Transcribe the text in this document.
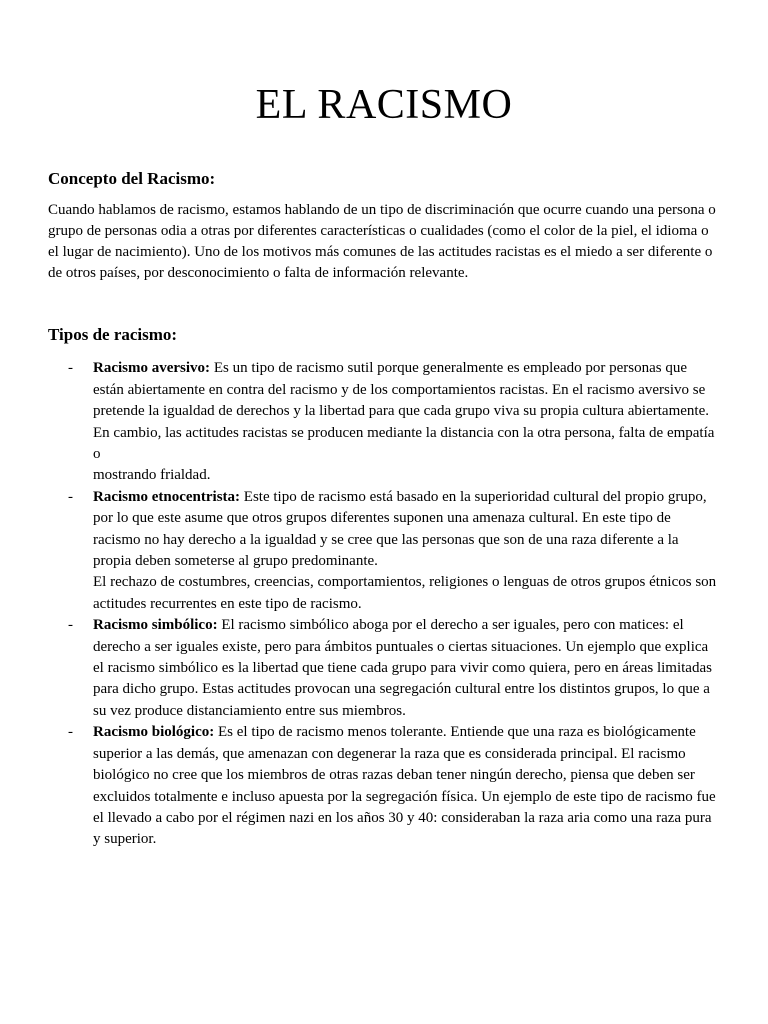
EL RACISMO
Concepto del Racismo:

Cuando hablamos de racismo, estamos hablando de un tipo de discriminación que ocurre cuando una persona o grupo de personas odia a otras por diferentes características o cualidades (como el color de la piel, el idioma o el lugar de nacimiento). Uno de los motivos más comunes de las actitudes racistas es el miedo a ser diferente o de otros países, por desconocimiento o falta de información relevante.

Tipos de racismo:
- Racismo aversivo: Es un tipo de racismo sutil porque generalmente es empleado por personas que están abiertamente en contra del racismo y de los comportamientos racistas. En el racismo aversivo se pretende la igualdad de derechos y la libertad para que cada grupo viva su propia cultura abiertamente. En cambio, las actitudes racistas se producen mediante la distancia con la otra persona, falta de empatía o
mostrando frialdad.
- Racismo etnocentrista: Este tipo de racismo está basado en la superioridad cultural del propio grupo, por lo que este asume que otros grupos diferentes suponen una amenaza cultural. En este tipo de racismo no hay derecho a la igualdad y se cree que las personas que son de una raza diferente a la propia deben someterse al grupo predominante.
El rechazo de costumbres, creencias, comportamientos, religiones o lenguas de otros grupos étnicos son actitudes recurrentes en este tipo de racismo.
- Racismo simbólico: El racismo simbólico aboga por el derecho a ser iguales, pero con matices: el derecho a ser iguales existe, pero para ámbitos puntuales o ciertas situaciones. Un ejemplo que explica el racismo simbólico es la libertad que tiene cada grupo para vivir como quiera, pero en áreas limitadas para dicho grupo. Estas actitudes provocan una segregación cultural entre los distintos grupos, lo que a su vez produce distanciamiento entre sus miembros.
- Racismo biológico: Es el tipo de racismo menos tolerante. Entiende que una raza es biológicamente superior a las demás, que amenazan con degenerar la raza que es considerada principal. El racismo biológico no cree que los miembros de otras razas deban tener ningún derecho, piensa que deben ser excluidos totalmente e incluso apuesta por la segregación física. Un ejemplo de este tipo de racismo fue el llevado a cabo por el régimen nazi en los años 30 y 40: consideraban la raza aria como una raza pura y superior.
